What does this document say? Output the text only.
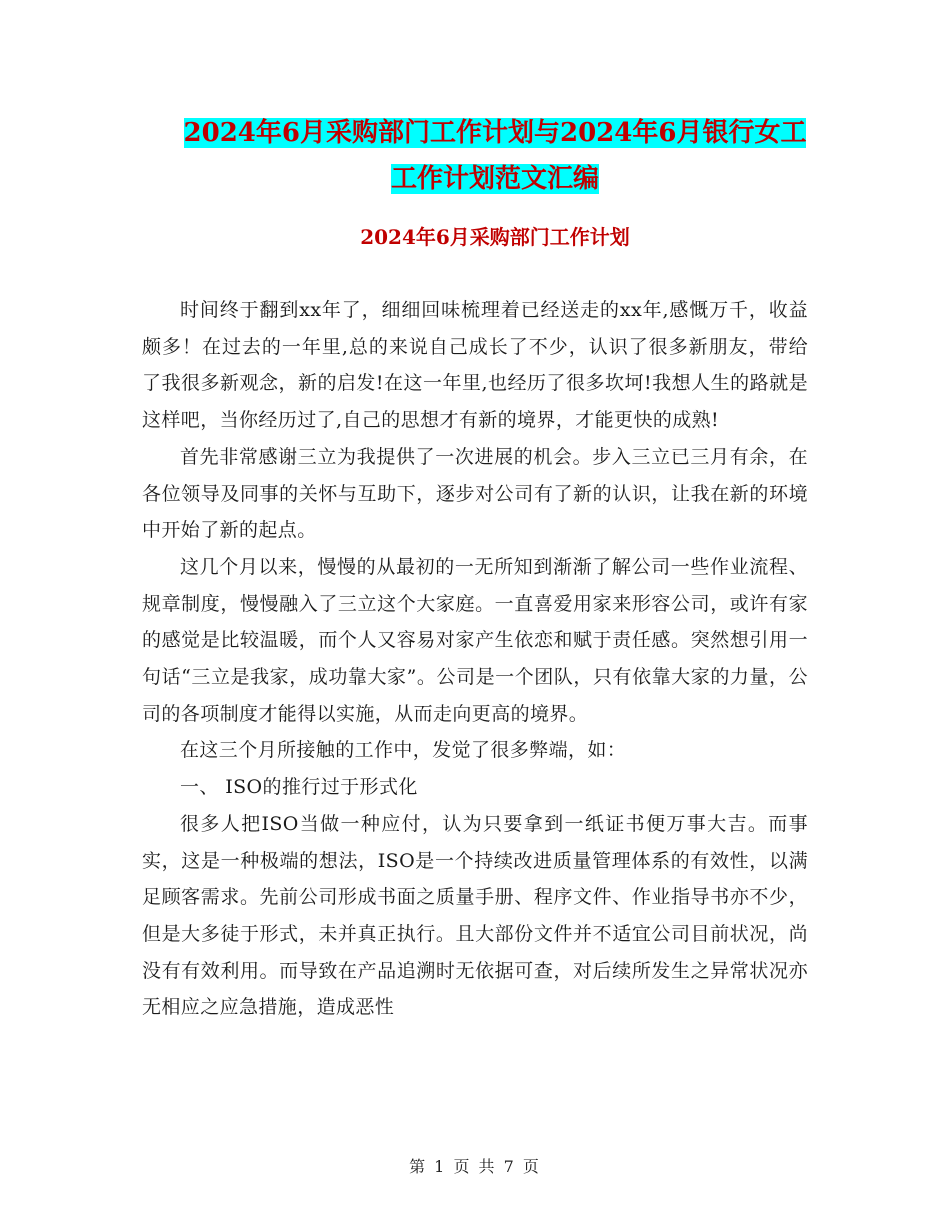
2024年6月采购部门工作计划与2024年6月银行女工
工作计划范文汇编
2024年6月采购部门工作计划

时间终于翻到xx年了，细细回味梳理着已经送走的xx年,感慨万千，收益颇多！在过去的一年里,总的来说自己成长了不少，认识了很多新朋友，带给了我很多新观念，新的启发!在这一年里,也经历了很多坎坷!我想人生的路就是这样吧，当你经历过了,自己的思想才有新的境界，才能更快的成熟!

首先非常感谢三立为我提供了一次进展的机会。步入三立已三月有余，在各位领导及同事的关怀与互助下，逐步对公司有了新的认识，让我在新的环境中开始了新的起点。

这几个月以来，慢慢的从最初的一无所知到渐渐了解公司一些作业流程、规章制度，慢慢融入了三立这个大家庭。一直喜爱用家来形容公司，或许有家的感觉是比较温暖，而个人又容易对家产生依恋和赋于责任感。突然想引用一句话“三立是我家，成功靠大家”。公司是一个团队，只有依靠大家的力量，公司的各项制度才能得以实施，从而走向更高的境界。

在这三个月所接触的工作中，发觉了很多弊端，如：

一、 ISO的推行过于形式化

很多人把ISO当做一种应付，认为只要拿到一纸证书便万事大吉。而事实，这是一种极端的想法，ISO是一个持续改进质量管理体系的有效性，以满足顾客需求。先前公司形成书面之质量手册、程序文件、作业指导书亦不少，但是大多徒于形式，未并真正执行。且大部份文件并不适宜公司目前状况，尚没有有效利用。而导致在产品追溯时无依据可查，对后续所发生之异常状况亦无相应之应急措施，造成恶性

第 1 页 共 7 页
